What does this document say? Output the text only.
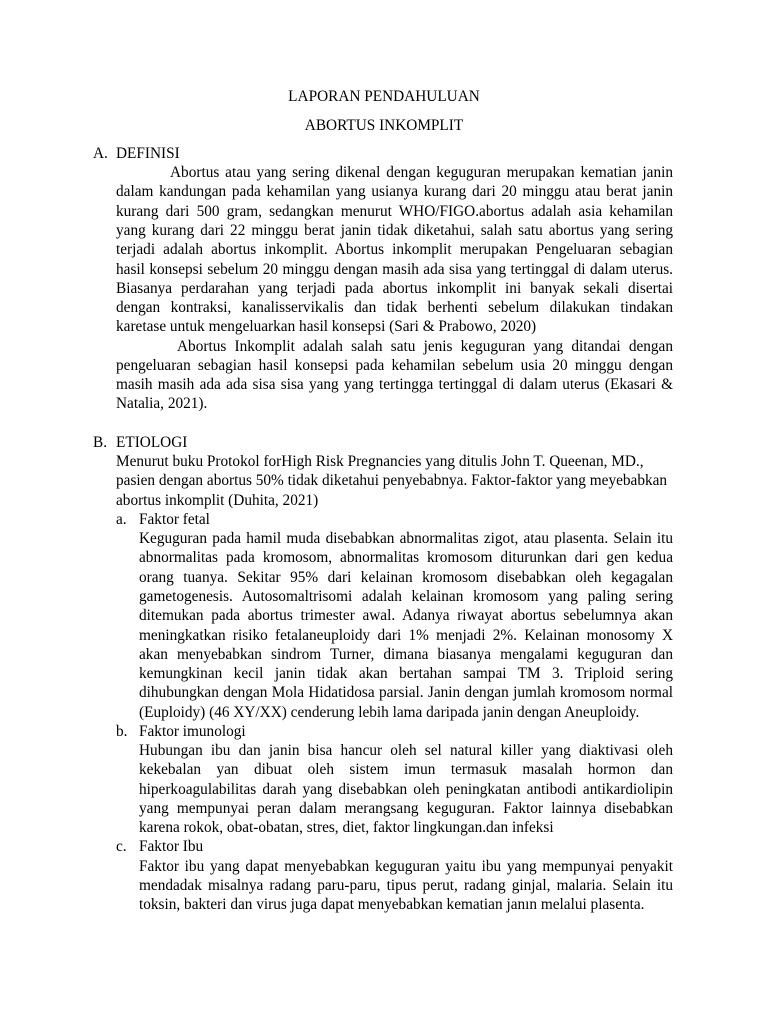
LAPORAN PENDAHULUAN
ABORTUS INKOMPLIT
A. DEFINISI
Abortus atau yang sering dikenal dengan keguguran merupakan kematian janin
dalam kandungan pada kehamilan yang usianya kurang dari 20 minggu atau berat janin
kurang dari 500 gram, sedangkan menurut WHO/FIGO.abortus adalah asia kehamilan
yang kurang dari 22 minggu berat janin tidak diketahui, salah satu abortus yang sering
terjadi adalah abortus inkomplit. Abortus inkomplit merupakan Pengeluaran sebagian
hasil konsepsi sebelum 20 minggu dengan masih ada sisa yang tertinggal di dalam uterus.
Biasanya perdarahan yang terjadi pada abortus inkomplit ini banyak sekali disertai
dengan kontraksi, kanalisservikalis dan tidak berhenti sebelum dilakukan tindakan
karetase untuk mengeluarkan hasil konsepsi (Sari & Prabowo, 2020)
Abortus Inkomplit adalah salah satu jenis keguguran yang ditandai dengan
pengeluaran sebagian hasil konsepsi pada kehamilan sebelum usia 20 minggu dengan
masih masih ada ada sisa sisa yang yang tertingga tertinggal di dalam uterus (Ekasari &
Natalia, 2021).
B. ETIOLOGI
Menurut buku Protokol forHigh Risk Pregnancies yang ditulis John T. Queenan, MD.,
pasien dengan abortus 50% tidak diketahui penyebabnya. Faktor-faktor yang meyebabkan
abortus inkomplit (Duhita, 2021)
a. Faktor fetal
Keguguran pada hamil muda disebabkan abnormalitas zigot, atau plasenta. Selain itu
abnormalitas pada kromosom, abnormalitas kromosom diturunkan dari gen kedua
orang tuanya. Sekitar 95% dari kelainan kromosom disebabkan oleh kegagalan
gametogenesis. Autosomaltrisomi adalah kelainan kromosom yang paling sering
ditemukan pada abortus trimester awal. Adanya riwayat abortus sebelumnya akan
meningkatkan risiko fetalaneuploidy dari 1% menjadi 2%. Kelainan monosomy X
akan menyebabkan sindrom Turner, dimana biasanya mengalami keguguran dan
kemungkinan kecil janin tidak akan bertahan sampai TM 3. Triploid sering
dihubungkan dengan Mola Hidatidosa parsial. Janin dengan jumlah kromosom normal
(Euploidy) (46 XY/XX) cenderung lebih lama daripada janin dengan Aneuploidy.
b. Faktor imunologi
Hubungan ibu dan janin bisa hancur oleh sel natural killer yang diaktivasi oleh
kekebalan yan dibuat oleh sistem imun termasuk masalah hormon dan
hiperkoagulabilitas darah yang disebabkan oleh peningkatan antibodi antikardiolipin
yang mempunyai peran dalam merangsang keguguran. Faktor lainnya disebabkan
karena rokok, obat-obatan, stres, diet, faktor lingkungan.dan infeksi
c. Faktor Ibu
Faktor ibu yang dapat menyebabkan keguguran yaitu ibu yang mempunyai penyakit
mendadak misalnya radang paru-paru, tipus perut, radang ginjal, malaria. Selain itu
toksin, bakteri dan virus juga dapat menyebabkan kematian janın melalui plasenta.
